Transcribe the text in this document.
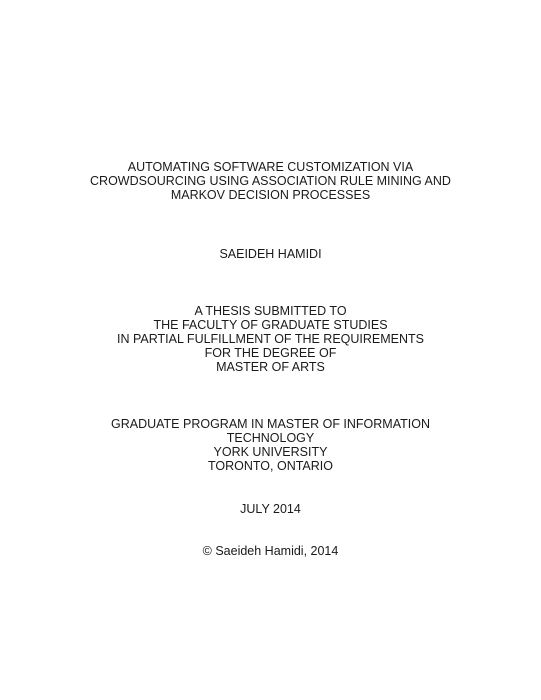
AUTOMATING SOFTWARE CUSTOMIZATION VIA
CROWDSOURCING USING ASSOCIATION RULE MINING AND
MARKOV DECISION PROCESSES
SAEIDEH HAMIDI
A THESIS SUBMITTED TO
THE FACULTY OF GRADUATE STUDIES
IN PARTIAL FULFILLMENT OF THE REQUIREMENTS
FOR THE DEGREE OF
MASTER OF ARTS
GRADUATE PROGRAM IN MASTER OF INFORMATION
TECHNOLOGY
YORK UNIVERSITY
TORONTO, ONTARIO
JULY 2014
© Saeideh Hamidi, 2014
